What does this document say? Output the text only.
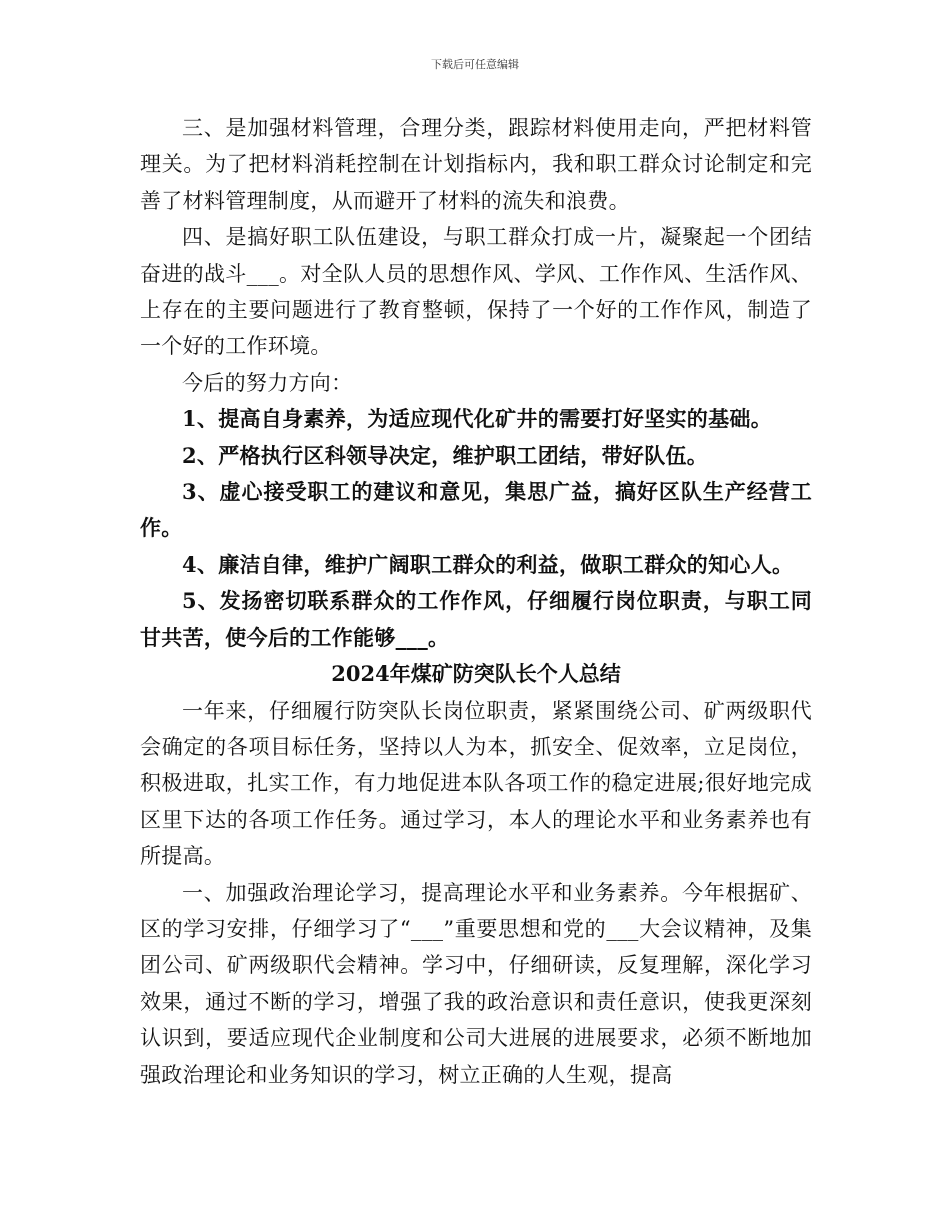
下载后可任意编辑

三、是加强材料管理，合理分类，跟踪材料使用走向，严把材料管理关。为了把材料消耗控制在计划指标内，我和职工群众讨论制定和完善了材料管理制度，从而避开了材料的流失和浪费。

四、是搞好职工队伍建设，与职工群众打成一片，凝聚起一个团结奋进的战斗___。对全队人员的思想作风、学风、工作作风、生活作风、上存在的主要问题进行了教育整顿，保持了一个好的工作作风，制造了一个好的工作环境。

今后的努力方向：

1、提高自身素养，为适应现代化矿井的需要打好坚实的基础。

2、严格执行区科领导决定，维护职工团结，带好队伍。

3、虚心接受职工的建议和意见，集思广益，搞好区队生产经营工作。

4、廉洁自律，维护广阔职工群众的利益，做职工群众的知心人。

5、发扬密切联系群众的工作作风，仔细履行岗位职责，与职工同甘共苦，使今后的工作能够___。

2024年煤矿防突队长个人总结

一年来，仔细履行防突队长岗位职责，紧紧围绕公司、矿两级职代会确定的各项目标任务，坚持以人为本，抓安全、促效率，立足岗位，积极进取，扎实工作，有力地促进本队各项工作的稳定进展;很好地完成区里下达的各项工作任务。通过学习，本人的理论水平和业务素养也有所提高。

一、加强政治理论学习，提高理论水平和业务素养。今年根据矿、区的学习安排，仔细学习了“___”重要思想和党的___大会议精神，及集团公司、矿两级职代会精神。学习中，仔细研读，反复理解，深化学习效果，通过不断的学习，增强了我的政治意识和责任意识，使我更深刻认识到，要适应现代企业制度和公司大进展的进展要求，必须不断地加强政治理论和业务知识的学习，树立正确的人生观，提高
